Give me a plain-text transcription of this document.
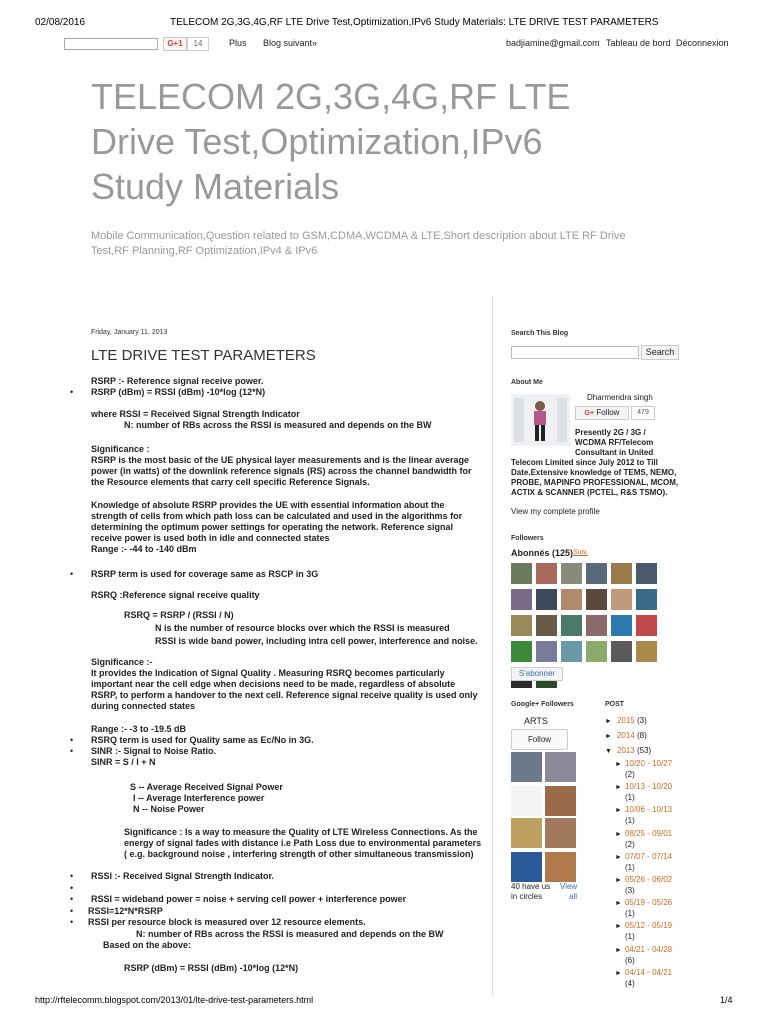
02/08/2016	TELECOM 2G,3G,4G,RF LTE Drive Test,Optimization,IPv6 Study Materials: LTE DRIVE TEST PARAMETERS
G+1	14	Plus Blog suivant»	badjiamine@gmail.com Tableau de bord Déconnexion
TELECOM 2G,3G,4G,RF LTE
Drive Test,Optimization,IPv6
Study Materials
Mobile Communication,Question related to GSM,CDMA,WCDMA & LTE,Short description about LTE RF Drive
Test,RF Planning,RF Optimization,IPv4 & IPv6
Friday, January 11, 2013
LTE DRIVE TEST PARAMETERS
•
•
•
•
•
•
•
•
•
RSRP :- Reference signal receive power.
RSRP (dBm) = RSSI (dBm) -10*log (12*N)
where RSSI = Received Signal Strength Indicator
N: number of RBs across the RSSI is measured and depends on the BW
Significance :
RSRP is the most basic of the UE physical layer measurements and is the linear average
power (in watts) of the downlink reference signals (RS) across the channel bandwidth for
the Resource elements that carry cell specific Reference Signals.
Knowledge of absolute RSRP provides the UE with essential information about the
strength of cells from which path loss can be calculated and used in the algorithms for
determining the optimum power settings for operating the network. Reference signal
receive power is used both in idle and connected states
Range :- -44 to -140 dBm
RSRP term is used for coverage same as RSCP in 3G
RSRQ :Reference signal receive quality
RSRQ = RSRP / (RSSI / N)
N is the number of resource blocks over which the RSSI is measured
RSSI is wide band power, including intra cell power, interference and noise.
Significance :-
It provides the Indication of Signal Quality . Measuring RSRQ becomes particularly
important near the cell edge when decisions need to be made, regardless of absolute
RSRP, to perform a handover to the next cell. Reference signal receive quality is used only
during connected states
Range :- -3 to -19.5 dB
RSRQ term is used for Quality same as Ec/No in 3G.
SINR :- Signal to Noise Ratio.
SINR = S / I + N
S -- Average Received Signal Power
I -- Average Interference power
N -- Noise Power
Significance : Is a way to measure the Quality of LTE Wireless Connections. As the
energy of signal fades with distance i.e Path Loss due to environmental parameters
( e.g. background noise , interfering strength of other simultaneous transmission)
RSSI :- Received Signal Strength Indicator.
RSSI = wideband power = noise + serving cell power + interference power
RSSI=12*N*RSRP
RSSI per resource block is measured over 12 resource elements.
N: number of RBs across the RSSI is measured and depends on the BW
Based on the above:
RSRP (dBm) = RSSI (dBm) -10*log (12*N)
Search This Blog
Search
About Me
Dharmendra singh
G+ Follow	479
Presently 2G / 3G /
WCDMA RF/Telecom
Consultant in United
Telecom Limited since July 2012 to Till
Date.Extensive knowledge of TEMS, NEMO,
PROBE, MAPINFO PROFESSIONAL, MCOM,
ACTIX & SCANNER (PCTEL, R&S TSMO).
View my complete profile
Followers
Abonnés (125) Suiv.
S'abonner
Google+ Followers
ARTS
Follow
40 have us
in circles
View
all
POST
► 2015 (3)
► 2014 (8)
▼ 2013 (53)
► 10/20 - 10/27
(2)
► 10/13 - 10/20
(1)
► 10/06 - 10/13
(1)
► 08/25 - 09/01
(2)
► 07/07 - 07/14
(1)
► 05/26 - 06/02
(3)
► 05/19 - 05/26
(1)
► 05/12 - 05/19
(1)
► 04/21 - 04/28
(6)
► 04/14 - 04/21
(4)
http://rftelecomm.blogspot.com/2013/01/lte-drive-test-parameters.html	1/4
